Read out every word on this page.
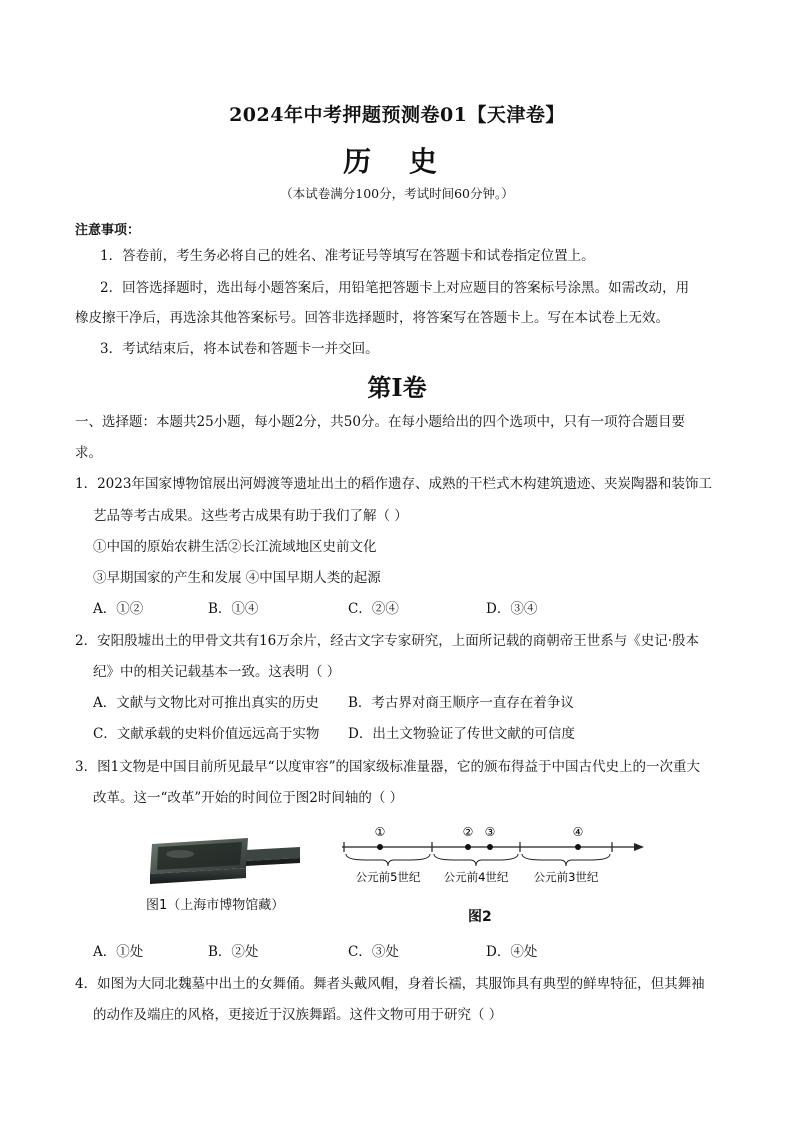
2024年中考押题预测卷01【天津卷】
历 史
（本试卷满分100分，考试时间60分钟。）
注意事项：
1．答卷前，考生务必将自己的姓名、准考证号等填写在答题卡和试卷指定位置上。
2．回答选择题时，选出每小题答案后，用铅笔把答题卡上对应题目的答案标号涂黑。如需改动，用
橡皮擦干净后，再选涂其他答案标号。回答非选择题时，将答案写在答题卡上。写在本试卷上无效。
3．考试结束后，将本试卷和答题卡一并交回。
第I卷
一、选择题：本题共25小题，每小题2分，共50分。在每小题给出的四个选项中，只有一项符合题目要
求。
1．2023年国家博物馆展出河姆渡等遗址出土的稻作遗存、成熟的干栏式木构建筑遗迹、夹炭陶器和装饰工
艺品等考古成果。这些考古成果有助于我们了解（ ）
①中国的原始农耕生活②长江流域地区史前文化
③早期国家的产生和发展 ④中国早期人类的起源
A．①②	B．①④	C．②④	D．③④
2．安阳殷墟出土的甲骨文共有16万余片，经古文字专家研究，上面所记载的商朝帝王世系与《史记·殷本
纪》中的相关记载基本一致。这表明（ ）
A．文献与文物比对可推出真实的历史 B．考古界对商王顺序一直存在着争议
C．文献承载的史料价值远远高于实物 D．出土文物验证了传世文献的可信度
3．图1文物是中国目前所见最早“以度审容”的国家级标准量器，它的颁布得益于中国古代史上的一次重大
改革。这一“改革”开始的时间位于图2时间轴的（ ）
图1（上海市博物馆藏）
①	② ③	④
公元前5世纪 公元前4世纪 公元前3世纪
图2
A．①处	B．②处	C．③处	D．④处
4．如图为大同北魏墓中出土的女舞俑。舞者头戴风帽，身着长襦，其服饰具有典型的鲜卑特征，但其舞袖
的动作及端庄的风格，更接近于汉族舞蹈。这件文物可用于研究（ ）
